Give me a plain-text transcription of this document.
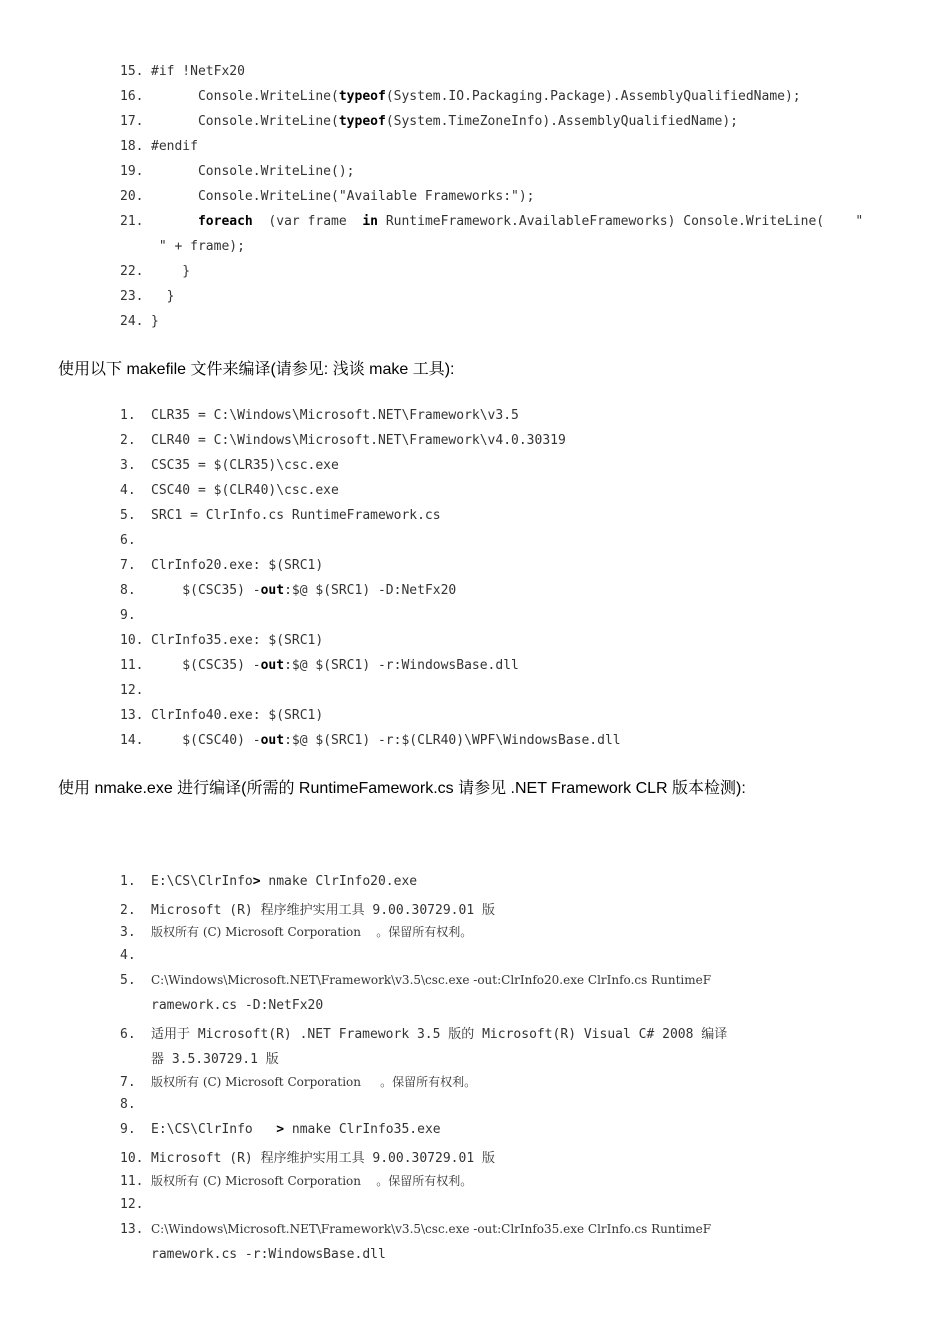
15. #if !NetFx20
16.      Console.WriteLine(typeof(System.IO.Packaging.Package).AssemblyQualifiedName);
17.      Console.WriteLine(typeof(System.TimeZoneInfo).AssemblyQualifiedName);
18. #endif
19.      Console.WriteLine();
20.      Console.WriteLine("Available Frameworks:");
21.	foreach  (var frame  in RuntimeFramework.AvailableFrameworks) Console.WriteLine(    "
" + frame);
22.    }
23.  }
24. }
使用以下 makefile 文件来编译(请参见: 浅谈 make 工具):
1. CLR35 = C:\Windows\Microsoft.NET\Framework\v3.5
2. CLR40 = C:\Windows\Microsoft.NET\Framework\v4.0.30319
3. CSC35 = $(CLR35)\csc.exe
4. CSC40 = $(CLR40)\csc.exe
5. SRC1 = ClrInfo.cs RuntimeFramework.cs
6.
7. ClrInfo20.exe: $(SRC1)
8.    $(CSC35) -out:$@ $(SRC1) -D:NetFx20
9.
10. ClrInfo35.exe: $(SRC1)
11.    $(CSC35) -out:$@ $(SRC1) -r:WindowsBase.dll
12.
13. ClrInfo40.exe: $(SRC1)
14.    $(CSC40) -out:$@ $(SRC1) -r:$(CLR40)\WPF\WindowsBase.dll
使用 nmake.exe 进行编译(所需的 RuntimeFamework.cs 请参见 .NET Framework CLR 版本检测):
1. E:\CS\ClrInfo> nmake ClrInfo20.exe
2. Microsoft (R) 程序维护实用工具 9.00.30729.01 版
3. 版权所有 (C) Microsoft Corporation    。保留所有权利。
4.
5. C:\Windows\Microsoft.NET\Framework\v3.5\csc.exe -out:ClrInfo20.exe ClrInfo.cs RuntimeF
ramework.cs -D:NetFx20
6. 适用于 Microsoft(R) .NET Framework 3.5 版的 Microsoft(R) Visual C# 2008 编译
器 3.5.30729.1 版
7. 版权所有 (C) Microsoft Corporation     。保留所有权利。
8.
9. E:\CS\ClrInfo   > nmake ClrInfo35.exe
10. Microsoft (R) 程序维护实用工具 9.00.30729.01 版
11. 版权所有 (C) Microsoft Corporation    。保留所有权利。
12.
13. C:\Windows\Microsoft.NET\Framework\v3.5\csc.exe -out:ClrInfo35.exe ClrInfo.cs RuntimeF
ramework.cs -r:WindowsBase.dll
